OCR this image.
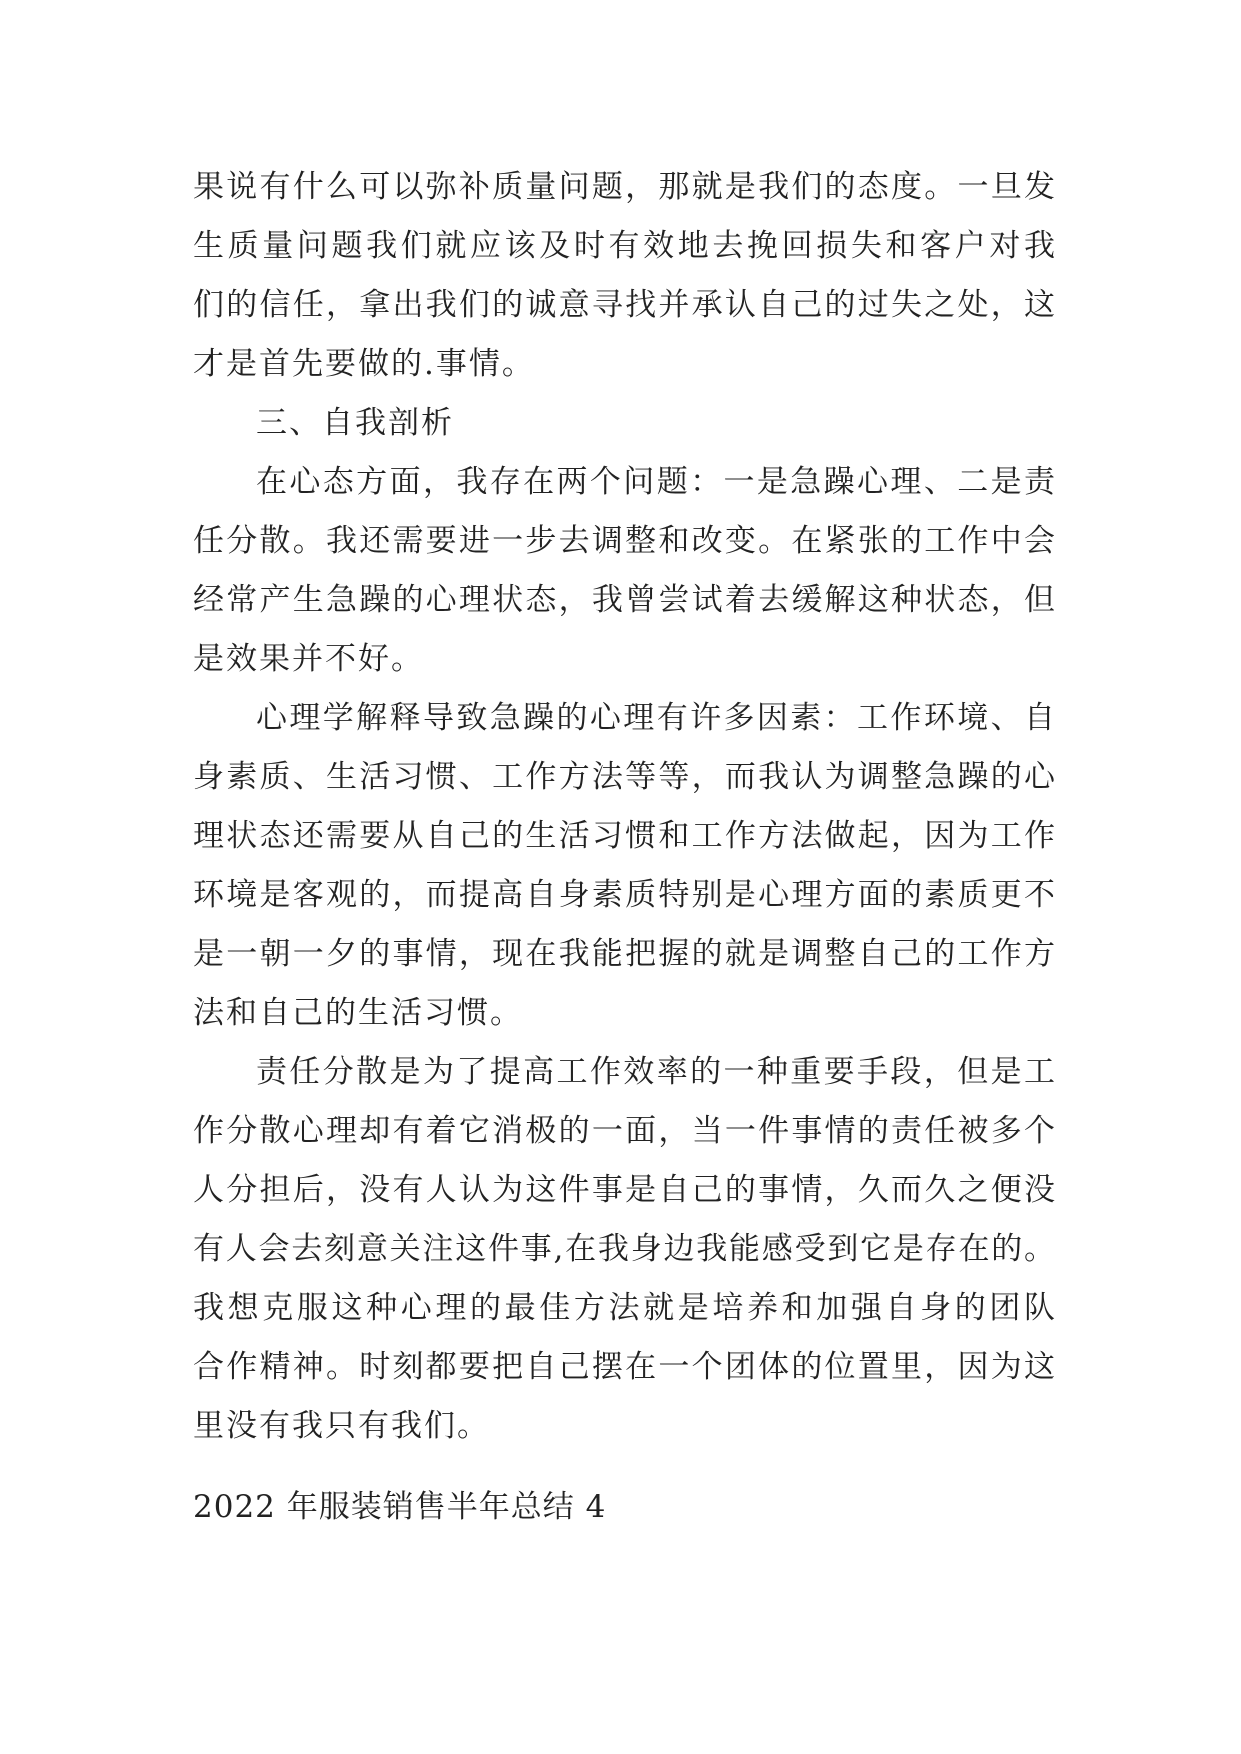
果说有什么可以弥补质量问题，那就是我们的态度。一旦发
生质量问题我们就应该及时有效地去挽回损失和客户对我
们的信任，拿出我们的诚意寻找并承认自己的过失之处，这
才是首先要做的.事情。
三、自我剖析
在心态方面，我存在两个问题：一是急躁心理、二是责
任分散。我还需要进一步去调整和改变。在紧张的工作中会
经常产生急躁的心理状态，我曾尝试着去缓解这种状态，但
是效果并不好。
心理学解释导致急躁的心理有许多因素：工作环境、自
身素质、生活习惯、工作方法等等，而我认为调整急躁的心
理状态还需要从自己的生活习惯和工作方法做起，因为工作
环境是客观的，而提高自身素质特别是心理方面的素质更不
是一朝一夕的事情，现在我能把握的就是调整自己的工作方
法和自己的生活习惯。
责任分散是为了提高工作效率的一种重要手段，但是工
作分散心理却有着它消极的一面，当一件事情的责任被多个
人分担后，没有人认为这件事是自己的事情，久而久之便没
有人会去刻意关注这件事,在我身边我能感受到它是存在的。
我想克服这种心理的最佳方法就是培养和加强自身的团队
合作精神。时刻都要把自己摆在一个团体的位置里，因为这
里没有我只有我们。
2022 年服装销售半年总结 4
